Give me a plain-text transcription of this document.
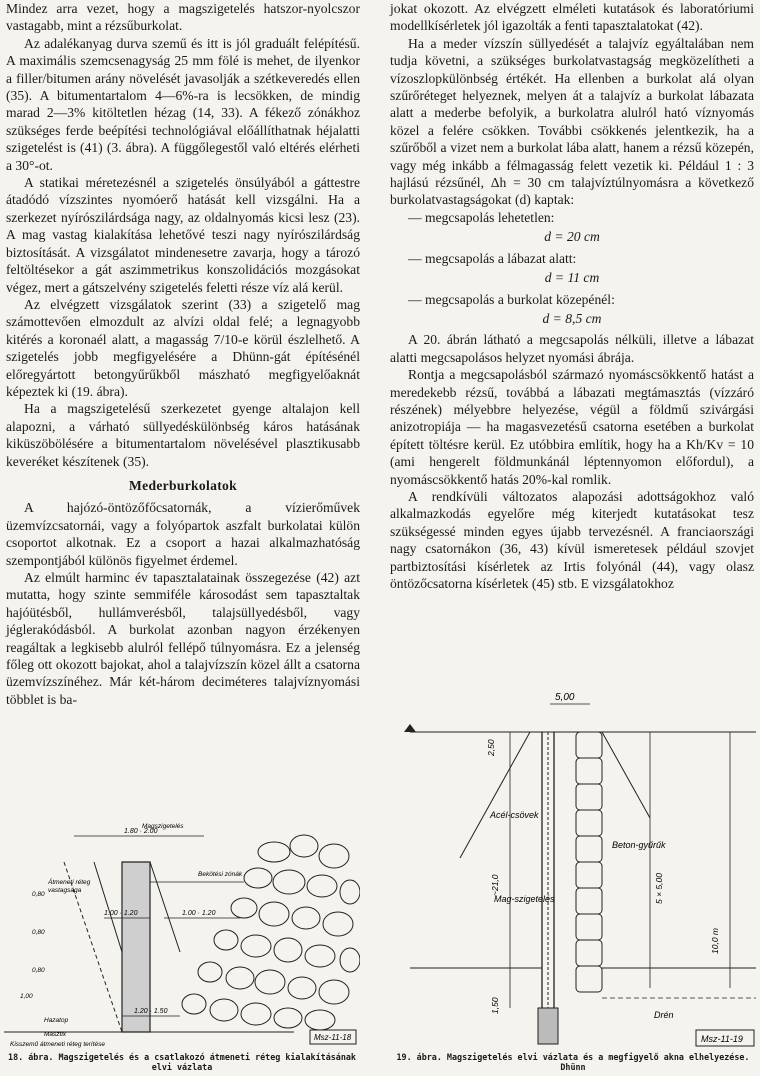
Mindez arra vezet, hogy a magszigetelés hatszor-nyolcszor vastagabb, mint a rézsűburkolat.

Az adalékanyag durva szemű és itt is jól graduált felépítésű. A maximális szemcsenagyság 25 mm fölé is mehet, de ilyenkor a filler/bitumen arány növelését javasolják a szétkeveredés ellen (35). A bitumentartalom 4—6%-ra is lecsökken, de mindig marad 2—3% kitöltetlen hézag (14, 33). A fékező zónákhoz szükséges ferde beépítési technológiával előállíthatnak héjalatti szigetelést is (41) (3. ábra). A függőlegestől való eltérés elérheti a 30°-ot.

A statikai méretezésnél a szigetelés önsúlyából a gáttestre átadódó vízszintes nyomóerő hatását kell vizsgálni. Ha a szerkezet nyírószilárdsága nagy, az oldalnyomás kicsi lesz (23). A mag vastag kialakítása lehetővé teszi nagy nyírószilárdság biztosítását. A vizsgálatot mindenesetre zavarja, hogy a tározó feltöltésekor a gát aszimmetrikus konszolidációs mozgásokat végez, mert a gátszelvény szigetelés feletti része víz alá kerül.

Az elvégzett vizsgálatok szerint (33) a szigetelő mag számottevően elmozdult az alvízi oldal felé; a legnagyobb kitérés a koronaél alatt, a magasság 7/10-e körül észlelhető. A szigetelés jobb megfigyelésére a Dhünn-gát építésénél előregyártott betongyűrűkből mászható megfigyelőaknát képeztek ki (19. ábra).

Ha a magszigetelésű szerkezetet gyenge altalajon kell alapozni, a várható süllyedéskülönbség káros hatásának kiküszöbölésére a bitumentartalom növelésével plasztikusabb keveréket készítenek (35).

Mederburkolatok

A hajózó-öntözőfőcsatornák, a vízierőművek üzemvízcsatornái, vagy a folyópartok aszfalt burkolatai külön csoportot alkotnak. Ez a csoport a hazai alkalmazhatóság szempontjából különös figyelmet érdemel.

Az elmúlt harminc év tapasztalatainak összegezése (42) azt mutatta, hogy szinte semmiféle károsodást sem tapasztaltak hajóütésből, hullámverésből, talajsüllyedésből, vagy jéglerakódásból. A burkolat azonban nagyon érzékenyen reagáltak a legkisebb alulról fellépő túlnyomásra. Ez a jelenség főleg ott okozott bajokat, ahol a talajvízszín közel állt a csatorna üzemvízszínéhez. Már két-három deciméteres talajvíznyomási többlet is ba-

jokat okozott. Az elvégzett elméleti kutatások és laboratóriumi modellkísérletek jól igazolták a fenti tapasztalatokat (42).

Ha a meder vízszín süllyedését a talajvíz egyáltalában nem tudja követni, a szükséges burkolatvastagság megközelítheti a vízoszlopkülönbség értékét. Ha ellenben a burkolat alá olyan szűrőréteget helyeznek, melyen át a talajvíz a burkolat lábazata alatt a mederbe befolyik, a burkolatra alulról ható víznyomás közel a felére csökken. További csökkenés jelentkezik, ha a szűrőből a vizet nem a burkolat lába alatt, hanem a rézsű közepén, vagy még inkább a félmagasság felett vezetik ki. Például 1 : 3 hajlású rézsűnél, Δh = 30 cm talajvíztúlnyomásra a következő burkolatvastagságokat (d) kaptak:

— megcsapolás lehetetlen:

d = 20 cm

— megcsapolás a lábazat alatt:

d = 11 cm

— megcsapolás a burkolat közepénél:

d = 8,5 cm

A 20. ábrán látható a megcsapolás nélküli, illetve a lábazat alatti megcsapolásos helyzet nyomási ábrája.

Rontja a megcsapolásból származó nyomáscsökkentő hatást a meredekebb rézsű, továbbá a lábazati megtámasztás (vízzáró részének) mélyebbre helyezése, végül a földmű szivárgási anizotropiája — ha magasvezetésű csatorna esetében a burkolat épített töltésre kerül. Ez utóbbira említik, hogy ha a Kh/Kv = 10 (ami hengerelt földmunkánál léptennyomon előfordul), a nyomáscsökkentő hatás 20%-kal romlik.

A rendkívüli változatos alapozási adottságokhoz való alkalmazkodás egyelőre még kiterjedt kutatásokat tesz szükségessé minden egyes újabb tervezésnél. A franciaországi nagy csatornákon (36, 43) kívül ismeretesek például szovjet partbiztosítási kísérletek az Irtis folyónál (44), vagy olasz öntözőcsatorna kísérletek (45) stb. E vizsgálatokhoz

1.80 · 2.00
1.00 · 1.20	1.00 · 1.20
1.20 · 1.50
0,80
0,80
0,80
1,00
Magszigetelés
Átmeneti réteg
vastagsága
Bekötési zónák
Hazatop
Masztix
Kisszemű átmeneti réteg terítése
Msz-11-18
18. ábra. Magszigetelés és a csatlakozó átmeneti réteg kialakításának elvi vázlata
5,00
2,50
~21,0
1,50
10,0 m
5 × 5,00
Acél-csövek
Beton-gyűrűk
Mag-szigetelés
Drén
Msz-11-19
19. ábra. Magszigetelés elvi vázlata és a megfigyelő akna elhelyezése. Dhünn
